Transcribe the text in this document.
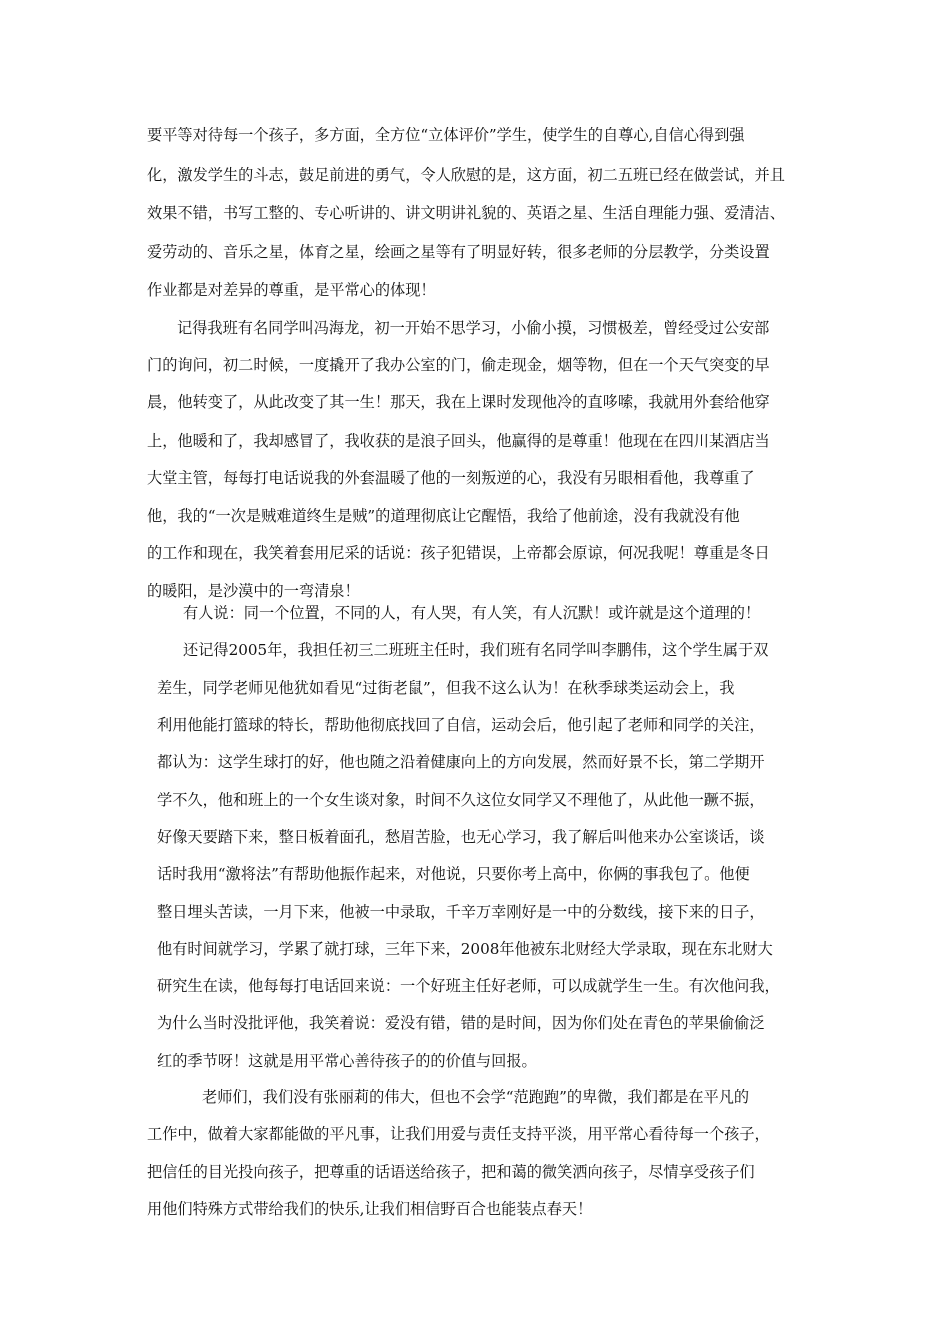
要平等对待每一个孩子，多方面，全方位“立体评价”学生，使学生的自尊心,自信心得到强
化，激发学生的斗志，鼓足前进的勇气，令人欣慰的是，这方面，初二五班已经在做尝试，并且
效果不错，书写工整的、专心听讲的、讲文明讲礼貌的、英语之星、生活自理能力强、爱清洁、
爱劳动的、音乐之星，体育之星，绘画之星等有了明显好转，很多老师的分层教学，分类设置
作业都是对差异的尊重，是平常心的体现！
记得我班有名同学叫冯海龙，初一开始不思学习，小偷小摸，习惯极差，曾经受过公安部
门的询问，初二时候，一度撬开了我办公室的门，偷走现金，烟等物，但在一个天气突变的早
晨，他转变了，从此改变了其一生！那天，我在上课时发现他冷的直哆嗦，我就用外套给他穿
上，他暖和了，我却感冒了，我收获的是浪子回头，他赢得的是尊重！他现在在四川某酒店当
大堂主管，每每打电话说我的外套温暖了他的一刻叛逆的心，我没有另眼相看他，我尊重了
他，我的“一次是贼难道终生是贼”的道理彻底让它醒悟，我给了他前途，没有我就没有他
的工作和现在，我笑着套用尼采的话说：孩子犯错误，上帝都会原谅，何况我呢！尊重是冬日
的暖阳，是沙漠中的一弯清泉！
有人说：同一个位置，不同的人，有人哭，有人笑，有人沉默！或许就是这个道理的！
还记得2005年，我担任初三二班班主任时，我们班有名同学叫李鹏伟，这个学生属于双
差生，同学老师见他犹如看见“过街老鼠”，但我不这么认为！在秋季球类运动会上，我
利用他能打篮球的特长，帮助他彻底找回了自信，运动会后，他引起了老师和同学的关注，
都认为：这学生球打的好，他也随之沿着健康向上的方向发展，然而好景不长，第二学期开
学不久，他和班上的一个女生谈对象，时间不久这位女同学又不理他了，从此他一蹶不振，
好像天要踏下来，整日板着面孔，愁眉苦脸，也无心学习，我了解后叫他来办公室谈话，谈
话时我用“激将法”有帮助他振作起来，对他说，只要你考上高中，你俩的事我包了。他便
整日埋头苦读，一月下来，他被一中录取，千辛万幸刚好是一中的分数线，接下来的日子，
他有时间就学习，学累了就打球，三年下来，2008年他被东北财经大学录取，现在东北财大
研究生在读，他每每打电话回来说：一个好班主任好老师，可以成就学生一生。有次他问我，
为什么当时没批评他，我笑着说：爱没有错，错的是时间，因为你们处在青色的苹果偷偷泛
红的季节呀！这就是用平常心善待孩子的的价值与回报。
老师们，我们没有张丽莉的伟大，但也不会学“范跑跑”的卑微，我们都是在平凡的
工作中，做着大家都能做的平凡事，让我们用爱与责任支持平淡，用平常心看待每一个孩子，
把信任的目光投向孩子，把尊重的话语送给孩子，把和蔼的微笑洒向孩子，尽情享受孩子们
用他们特殊方式带给我们的快乐,让我们相信野百合也能装点春天！
